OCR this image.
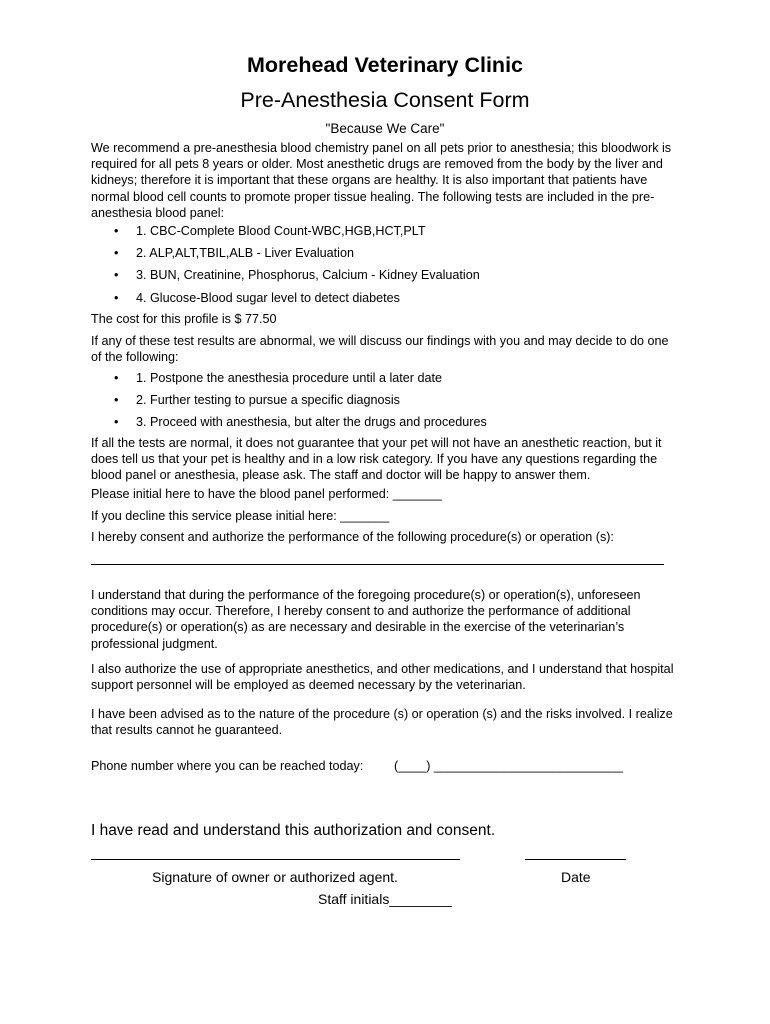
Morehead Veterinary Clinic
Pre-Anesthesia Consent Form
"Because We Care"
We recommend a pre-anesthesia blood chemistry panel on all pets prior to anesthesia; this bloodwork is required for all pets 8 years or older. Most anesthetic drugs are removed from the body by the liver and kidneys; therefore it is important that these organs are healthy. It is also important that patients have normal blood cell counts to promote proper tissue healing. The following tests are included in the pre-anesthesia blood panel:
• 1. CBC-Complete Blood Count-WBC,HGB,HCT,PLT
• 2. ALP,ALT,TBIL,ALB - Liver Evaluation
• 3. BUN, Creatinine, Phosphorus, Calcium - Kidney Evaluation
• 4. Glucose-Blood sugar level to detect diabetes
The cost for this profile is $ 77.50
If any of these test results are abnormal, we will discuss our findings with you and may decide to do one of the following:
• 1. Postpone the anesthesia procedure until a later date
• 2. Further testing to pursue a specific diagnosis
• 3. Proceed with anesthesia, but alter the drugs and procedures
If all the tests are normal, it does not guarantee that your pet will not have an anesthetic reaction, but it does tell us that your pet is healthy and in a low risk category. If you have any questions regarding the blood panel or anesthesia, please ask. The staff and doctor will be happy to answer them.
Please initial here to have the blood panel performed: _______
If you decline this service please initial here: _______
I hereby consent and authorize the performance of the following procedure(s) or operation (s):
I understand that during the performance of the foregoing procedure(s) or operation(s), unforeseen conditions may occur. Therefore, I hereby consent to and authorize the performance of additional procedure(s) or operation(s) as are necessary and desirable in the exercise of the veterinarian’s professional judgment.
I also authorize the use of appropriate anesthetics, and other medications, and I understand that hospital support personnel will be employed as deemed necessary by the veterinarian.
I have been advised as to the nature of the procedure (s) or operation (s) and the risks involved. I realize that results cannot he guaranteed.
Phone number where you can be reached today: (____) ___________________________
I have read and understand this authorization and consent.
Signature of owner or authorized agent.	Date
Staff initials________
